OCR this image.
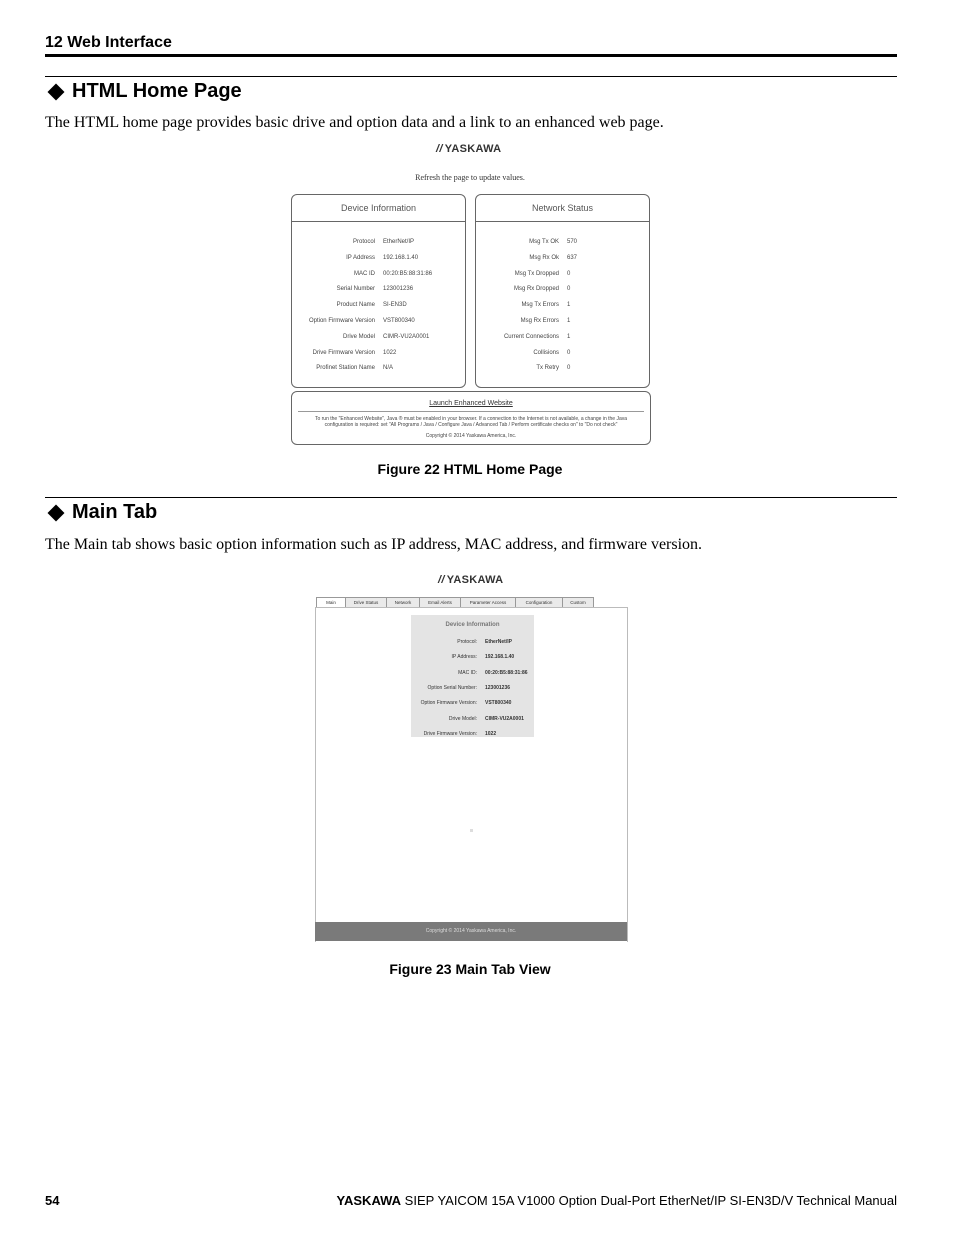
12 Web Interface
HTML Home Page
The HTML home page provides basic drive and option data and a link to an enhanced web page.
// YASKAWA
Refresh the page to update values.
Device Information
Protocol EtherNet/IP
IP Address 192.168.1.40
MAC ID 00:20:B5:88:31:86
Serial Number 123001236
Product Name SI-EN3D
Option Firmware Version VST800340
Drive Model CIMR-VU2A0001
Drive Firmware Version 1022
Profinet Station Name N/A
Network Status
Msg Tx OK 570
Msg Rx Ok 637
Msg Tx Dropped 0
Msg Rx Dropped 0
Msg Tx Errors 1
Msg Rx Errors 1
Current Connections 1
Collisions 0
Tx Retry 0
Launch Enhanced Website
To run the "Enhanced Website", Java ® must be enabled in your browser. If a connection to the Internet is not available, a change in the Java
configuration is required: set "All Programs / Java / Configure Java / Advanced Tab / Perform certificate checks on" to "Do not check"
Copyright © 2014 Yaskawa America, Inc.
Figure 22 HTML Home Page
Main Tab
The Main tab shows basic option information such as IP address, MAC address, and firmware version.
// YASKAWA
Main	Drive Status	Network	Email Alerts	Parameter Access	Configuration	Custom
Device Information
Protocol: EtherNet/IP
IP Address: 192.168.1.40
MAC ID: 00:20:B5:88:31:86
Option Serial Number: 123001236
Option Firmware Version: VST800340
Drive Model: CIMR-VU2A0001
Drive Firmware Version: 1022
Copyright © 2014 Yaskawa America, Inc.
Figure 23 Main Tab View
54	YASKAWA SIEP YAICOM 15A V1000 Option Dual-Port EtherNet/IP SI-EN3D/V Technical Manual
